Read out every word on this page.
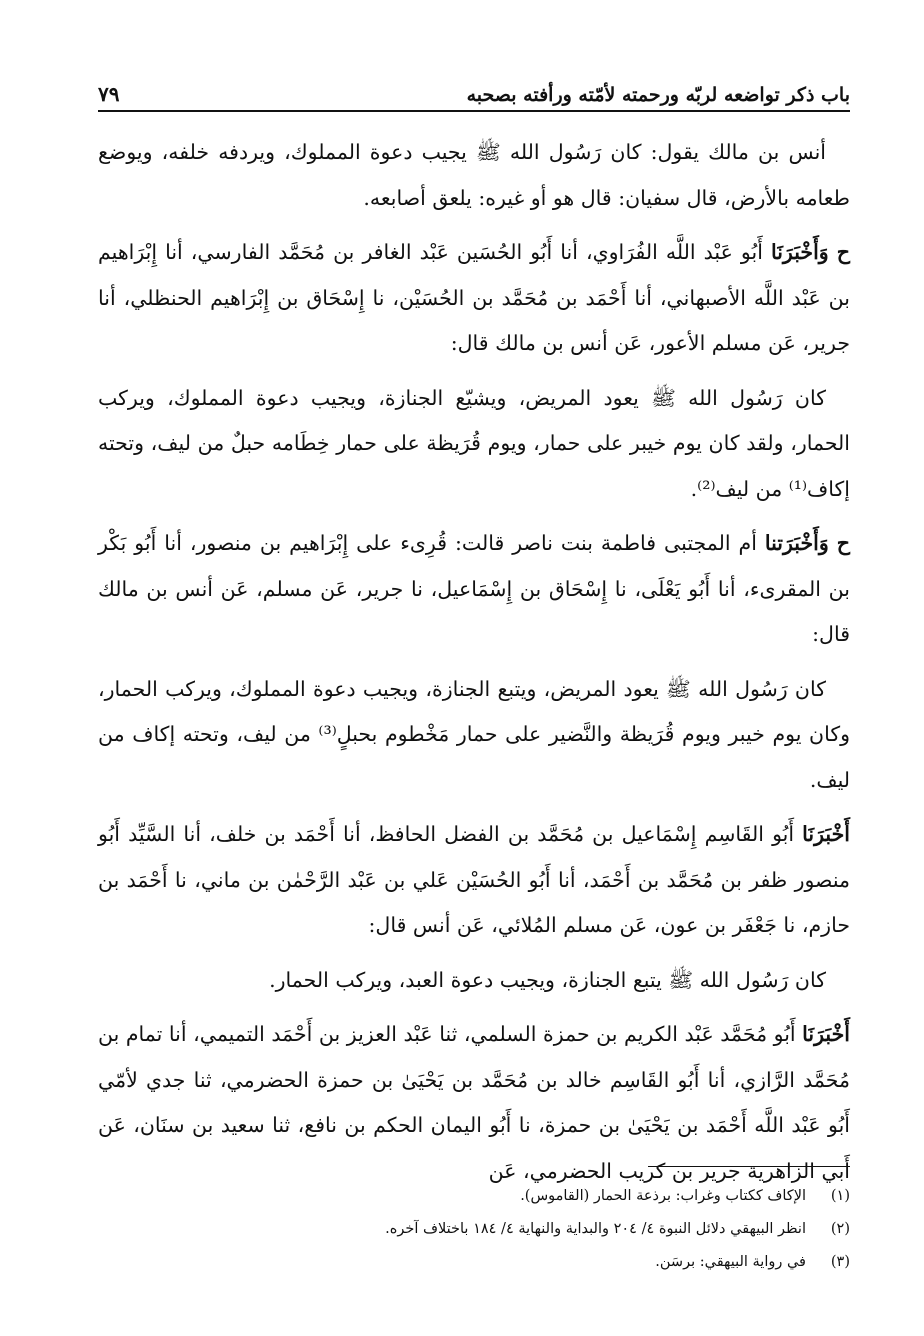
باب ذكر تواضعه لربّه ورحمته لأمّته ورأفته بصحبه
٧٩

أنس بن مالك يقول: كان رَسُول الله ﷺ يجيب دعوة المملوك، ويردفه خلفه، ويوضع طعامه بالأرض، قال سفيان: قال هو أو غيره: يلعق أصابعه.

ح وَأَخْبَرَنَا أَبُو عَبْد اللَّه الفُرَاوي، أنا أَبُو الحُسَين عَبْد الغافر بن مُحَمَّد الفارسي، أنا إِبْرَاهيم بن عَبْد اللَّه الأصبهاني، أنا أَحْمَد بن مُحَمَّد بن الحُسَيْن، نا إِسْحَاق بن إِبْرَاهيم الحنظلي، أنا جرير، عَن مسلم الأعور، عَن أنس بن مالك قال:

كان رَسُول الله ﷺ يعود المريض، ويشيّع الجنازة، ويجيب دعوة المملوك، ويركب الحمار، ولقد كان يوم خيبر على حمار، ويوم قُرَيظة على حمار خِطَامه حبلٌ من ليف، وتحته إكاف⁽¹⁾ من ليف⁽²⁾.

ح وَأَخْبَرَتنا أم المجتبى فاطمة بنت ناصر قالت: قُرِىء على إِبْرَاهيم بن منصور، أنا أَبُو بَكْر بن المقرىء، أنا أَبُو يَعْلَى، نا إِسْحَاق بن إِسْمَاعيل، نا جرير، عَن مسلم، عَن أنس بن مالك قال:

كان رَسُول الله ﷺ يعود المريض، ويتبع الجنازة، ويجيب دعوة المملوك، ويركب الحمار، وكان يوم خيبر ويوم قُرَيظة والنَّضير على حمار مَخْطوم بحبلٍ⁽³⁾ من ليف، وتحته إكاف من ليف.

أَخْبَرَنَا أَبُو القَاسِم إِسْمَاعيل بن مُحَمَّد بن الفضل الحافظ، أنا أَحْمَد بن خلف، أنا السَّيِّد أَبُو منصور ظفر بن مُحَمَّد بن أَحْمَد، أنا أَبُو الحُسَيْن عَلي بن عَبْد الرَّحْمٰن بن ماني، نا أَحْمَد بن حازم، نا جَعْفَر بن عون، عَن مسلم المُلائي، عَن أنس قال:

كان رَسُول الله ﷺ يتبع الجنازة، ويجيب دعوة العبد، ويركب الحمار.

أَخْبَرَنَا أَبُو مُحَمَّد عَبْد الكريم بن حمزة السلمي، ثنا عَبْد العزيز بن أَحْمَد التميمي، أنا تمام بن مُحَمَّد الرَّازي، أنا أَبُو القَاسِم خالد بن مُحَمَّد بن يَحْيَىٰ بن حمزة الحضرمي، ثنا جدي لأمّي أَبُو عَبْد اللَّه أَحْمَد بن يَحْيَىٰ بن حمزة، نا أَبُو اليمان الحكم بن نافع، ثنا سعيد بن سنَان، عَن أَبي الزاهرية جرير بن كريب الحضرمي، عَن

(١)
الإكاف ككتاب وغراب: برذعة الحمار (القاموس).
(٢)
انظر البيهقي دلائل النبوة ٤/ ٢٠٤ والبداية والنهاية ٤/ ١٨٤ باختلاف آخره.
(٣)
في رواية البيهقي: برسَن.
